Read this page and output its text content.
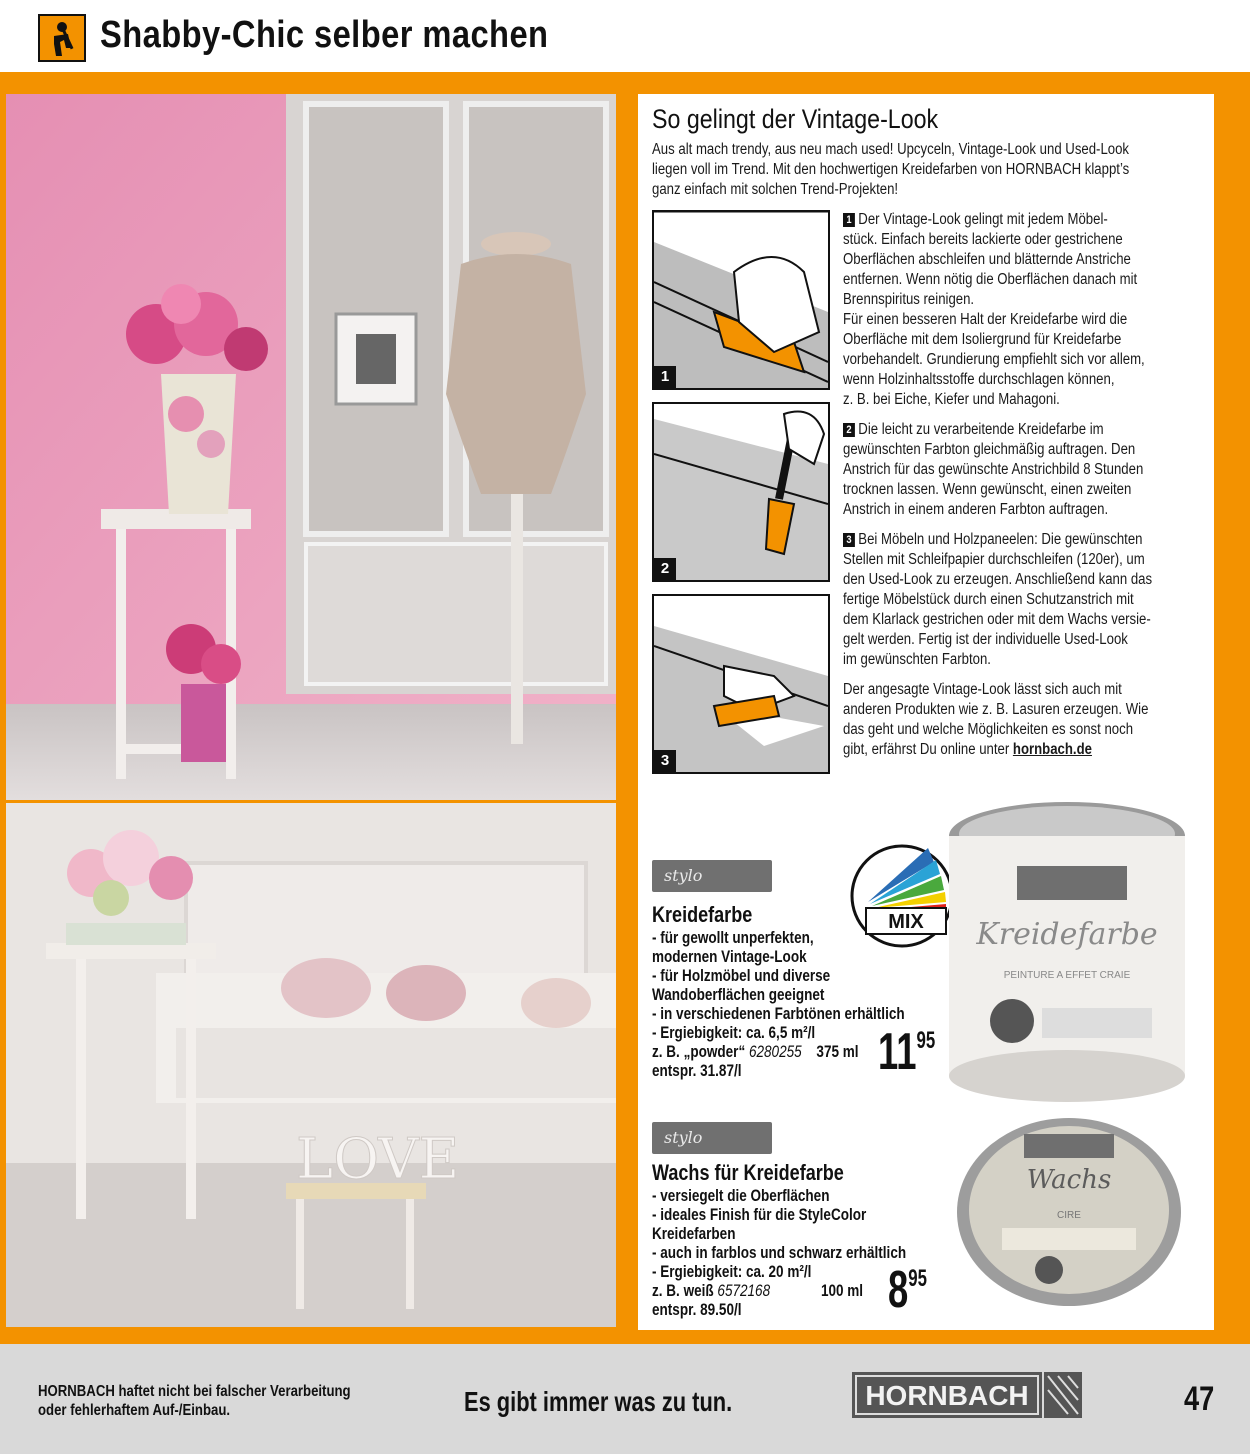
Shabby-Chic selber machen
LOVE
So gelingt der Vintage-Look
Aus alt mach trendy, aus neu mach used! Upcyceln, Vintage-Look und Used-Look
liegen voll im Trend. Mit den hochwertigen Kreidefarben von HORNBACH klappt’s
ganz einfach mit solchen Trend-Projekten!
1
2
3
1 Der Vintage-Look gelingt mit jedem Möbel-
stück. Einfach bereits lackierte oder gestrichene
Oberflächen abschleifen und blätternde Anstriche
entfernen. Wenn nötig die Oberflächen danach mit
Brennspiritus reinigen.
Für einen besseren Halt der Kreidefarbe wird die
Oberfläche mit dem Isoliergrund für Kreidefarbe
vorbehandelt. Grundierung empfiehlt sich vor allem,
wenn Holzinhaltsstoffe durchschlagen können,
z. B. bei Eiche, Kiefer und Mahagoni.
2 Die leicht zu verarbeitende Kreidefarbe im
gewünschten Farbton gleichmäßig auftragen. Den
Anstrich für das gewünschte Anstrichbild 8 Stunden
trocknen lassen. Wenn gewünscht, einen zweiten
Anstrich in einem anderen Farbton auftragen.
3 Bei Möbeln und Holzpaneelen: Die gewünschten
Stellen mit Schleifpapier durchschleifen (120er), um
den Used-Look zu erzeugen. Anschließend kann das
fertige Möbelstück durch einen Schutzanstrich mit
dem Klarlack gestrichen oder mit dem Wachs versie-
gelt werden. Fertig ist der individuelle Used-Look
im gewünschten Farbton.
Der angesagte Vintage-Look lässt sich auch mit
anderen Produkten wie z. B. Lasuren erzeugen. Wie
das geht und welche Möglichkeiten es sonst noch
gibt, erfährst Du online unter hornbach.de
MIX
stylo
Kreidefarbe
- für gewollt unperfekten,
modernen Vintage-Look
- für Holzmöbel und diverse
Wandoberflächen geeignet
- in verschiedenen Farbtönen erhältlich
- Ergiebigkeit: ca. 6,5 m²/l
z. B. „powder“ 6280255 375 ml
entspr. 31.87/l	1195
Kreidefarbe
PEINTURE A EFFET CRAIE
stylo
Wachs für Kreidefarbe
- versiegelt die Oberflächen
- ideales Finish für die StyleColor
Kreidefarben
- auch in farblos und schwarz erhältlich
- Ergiebigkeit: ca. 20 m²/l
z. B. weiß 6572168	100 ml
entspr. 89.50/l	895
Wachs
CIRE
HORNBACH haftet nicht bei falscher Verarbeitung
oder fehlerhaftem Auf-/Einbau.	Es gibt immer was zu tun.	HORNBACH	47
